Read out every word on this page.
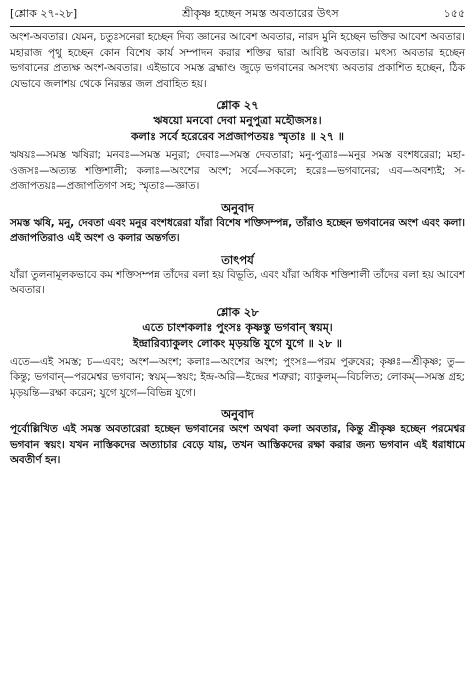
[শ্লোক ২৭-২৮]	শ্রীকৃষ্ণ হচ্ছেন সমস্ত অবতারের উৎস	১৫৫

অংশ-অবতার। যেমন, চতুঃসনেরা হচ্ছেন দিব্য জ্ঞানের আবেশ অবতার, নারদ মুনি হচ্ছেন ভক্তির আবেশ অবতার। মহারাজ পৃথু হচ্ছেন কোন বিশেষ কার্য সম্পাদন করার শক্তির দ্বারা আবিষ্ট অবতার। মৎস্য অবতার হচ্ছেন ভগবানের প্রত্যক্ষ অংশ-অবতার। এইভাবে সমস্ত ব্রহ্মাণ্ড জুড়ে ভগবানের অসংখ্য অবতার প্রকাশিত হচ্ছেন, ঠিক যেভাবে জলাশয় থেকে নিরন্তর জল প্রবাহিত হয়।

শ্লোক ২৭
ঋষয়ো মনবো দেবা মনুপুত্রা মহৌজসঃ।
কলাঃ সর্বে হরেরেব সপ্রজাপতয়ঃ স্মৃতাঃ ॥ ২৭ ॥

ঋষয়ঃ—সমস্ত ঋষিরা; মনবঃ—সমস্ত মনুরা; দেবাঃ—সমস্ত দেবতারা; মনু-পুত্রাঃ—মনুর সমস্ত বংশধরেরা; মহা-ওজসঃ—অত্যন্ত শক্তিশালী; কলাঃ—অংশের অংশ; সর্বে—সকলে; হরেঃ—ভগবানের; এব—অবশ্যই; স-প্রজাপতয়ঃ—প্রজাপতিগণ সহ; স্মৃতাঃ—জ্ঞাত।

অনুবাদ

সমস্ত ঋষি, মনু, দেবতা এবং মনুর বংশধরেরা যাঁরা বিশেষ শক্তিসম্পন্ন, তাঁরাও হচ্ছেন ভগবানের অংশ এবং কলা। প্রজাপতিরাও এই অংশ ও কলার অন্তর্গত।

তাৎপর্য

যাঁরা তুলনামূলকভাবে কম শক্তিসম্পন্ন তাঁদের বলা হয় বিভূতি, এবং যাঁরা অধিক শক্তিশালী তাঁদের বলা হয় আবেশ অবতার।

শ্লোক ২৮
এতে চাংশকলাঃ পুংসঃ কৃষ্ণস্তু ভগবান্ স্বয়ম্।
ইন্দ্রারিব্যাকুলং লোকং মৃড়য়ন্তি যুগে যুগে ॥ ২৮ ॥

এতে—এই সমস্ত; চ—এবং; অংশ—অংশ; কলাঃ—অংশের অংশ; পুংসঃ—পরম পুরুষের; কৃষ্ণঃ—শ্রীকৃষ্ণ; তু—কিন্তু; ভগবান্—পরমেশ্বর ভগবান; স্বয়ম্—স্বয়ং; ইন্দ্র-অরি—ইন্দ্রের শত্রুরা; ব্যাকুলম্—বিচলিত; লোকম্—সমস্ত গ্রহ; মৃড়য়ন্তি—রক্ষা করেন; যুগে যুগে—বিভিন্ন যুগে।

অনুবাদ

পূর্বোল্লিখিত এই সমস্ত অবতারেরা হচ্ছেন ভগবানের অংশ অথবা কলা অবতার, কিন্তু শ্রীকৃষ্ণ হচ্ছেন পরমেশ্বর ভগবান স্বয়ং। যখন নাস্তিকদের অত্যাচার বেড়ে যায়, তখন আস্তিকদের রক্ষা করার জন্য ভগবান এই ধরাধামে অবতীর্ণ হন।
